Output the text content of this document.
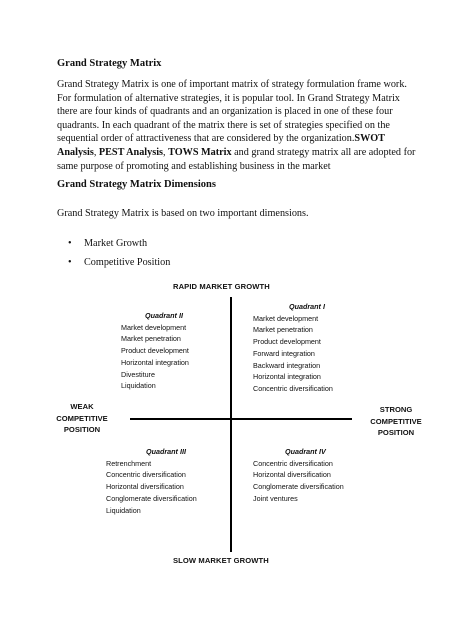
Grand Strategy Matrix
Grand Strategy Matrix is one of important matrix of strategy formulation frame work. For formulation of alternative strategies, it is popular tool. In Grand Strategy Matrix there are four kinds of quadrants and an organization is placed in one of these four quadrants. In each quadrant of the matrix there is set of strategies specified on the sequential order of attractiveness that are considered by the organization.SWOT Analysis, PEST Analysis, TOWS Matrix and grand strategy matrix all are adopted for same purpose of promoting and establishing business in the market
Grand Strategy Matrix Dimensions
Grand Strategy Matrix is based on two important dimensions.
• Market Growth
• Competitive Position
RAPID MARKET GROWTH
SLOW MARKET GROWTH
WEAK
COMPETITIVE
POSITION
STRONG
COMPETITIVE
POSITION
Quadrant II
Market development
Market penetration
Product development
Horizontal integration
Divestiture
Liquidation
Quadrant I
Market development
Market penetration
Product development
Forward integration
Backward integration
Horizontal integration
Concentric diversification
Quadrant III
Retrenchment
Concentric diversification
Horizontal diversification
Conglomerate diversification
Liquidation
Quadrant IV
Concentric diversification
Horizontal diversification
Conglomerate diversification
Joint ventures
